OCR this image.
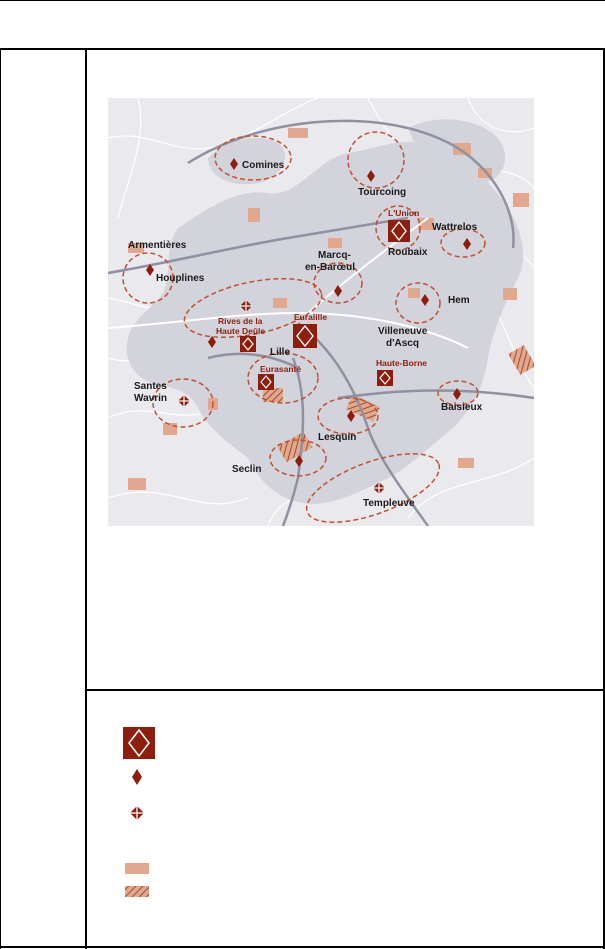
Comines
Tourcoing
L'Union
Wattrelos
Roubaix
Armentières
Houplines
Marcq-
en-Barœul
Hem
Rives de la
Haute Deûle
Euralille
Lille
Villeneuve
d'Ascq
Haute-Borne
Eurasanté
Santes
Wavrin
Baisieux
Lesquin
Seclin
Templeuve
